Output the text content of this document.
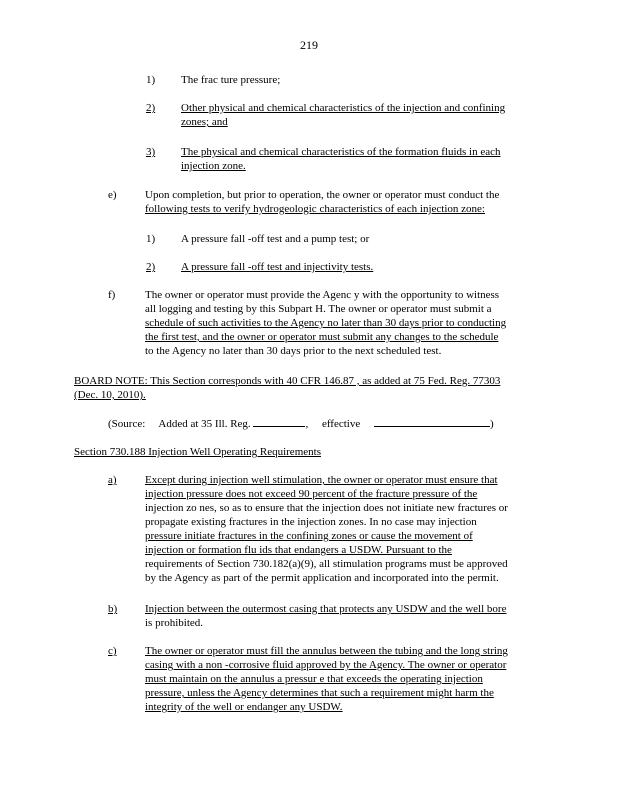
219
1) The frac ture pressure;
2) Other physical and chemical characteristics of the injection and confining
zones; and
3) The physical and chemical characteristics of the formation fluids in each
injection zone.
e)	Upon completion, but prior to operation, the owner or operator must conduct the
following tests to verify hydrogeologic characteristics of each injection zone:
1) A pressure fall -off test and a pump test; or
2) A pressure fall -off test and injectivity tests.
f)	The owner or operator must provide the Agenc y with the opportunity to witness
all logging and testing by this Subpart H. The owner or operator must submit a
schedule of such activities to the Agency no later than 30 days prior to conducting
the first test, and the owner or operator must submit any changes to the schedule
to the Agency no later than 30 days prior to the next scheduled test.
BOARD NOTE: This Section corresponds with 40 CFR 146.87 , as added at 75 Fed. Reg. 77303
(Dec. 10, 2010).
(Source: Added at 35 Ill. Reg.	, effective	)
Section 730.188 Injection Well Operating Requirements
a)	Except during injection well stimulation, the owner or operator must ensure that
injection pressure does not exceed 90 percent of the fracture pressure of the
injection zo nes, so as to ensure that the injection does not initiate new fractures or
propagate existing fractures in the injection zones. In no case may injection
pressure initiate fractures in the confining zones or cause the movement of
injection or formation flu ids that endangers a USDW. Pursuant to the
requirements of Section 730.182(a)(9), all stimulation programs must be approved
by the Agency as part of the permit application and incorporated into the permit.
b)	Injection between the outermost casing that protects any USDW and the well bore
is prohibited.
c)	The owner or operator must fill the annulus between the tubing and the long string
casing with a non -corrosive fluid approved by the Agency. The owner or operator
must maintain on the annulus a pressur e that exceeds the operating injection
pressure, unless the Agency determines that such a requirement might harm the
integrity of the well or endanger any USDW.
